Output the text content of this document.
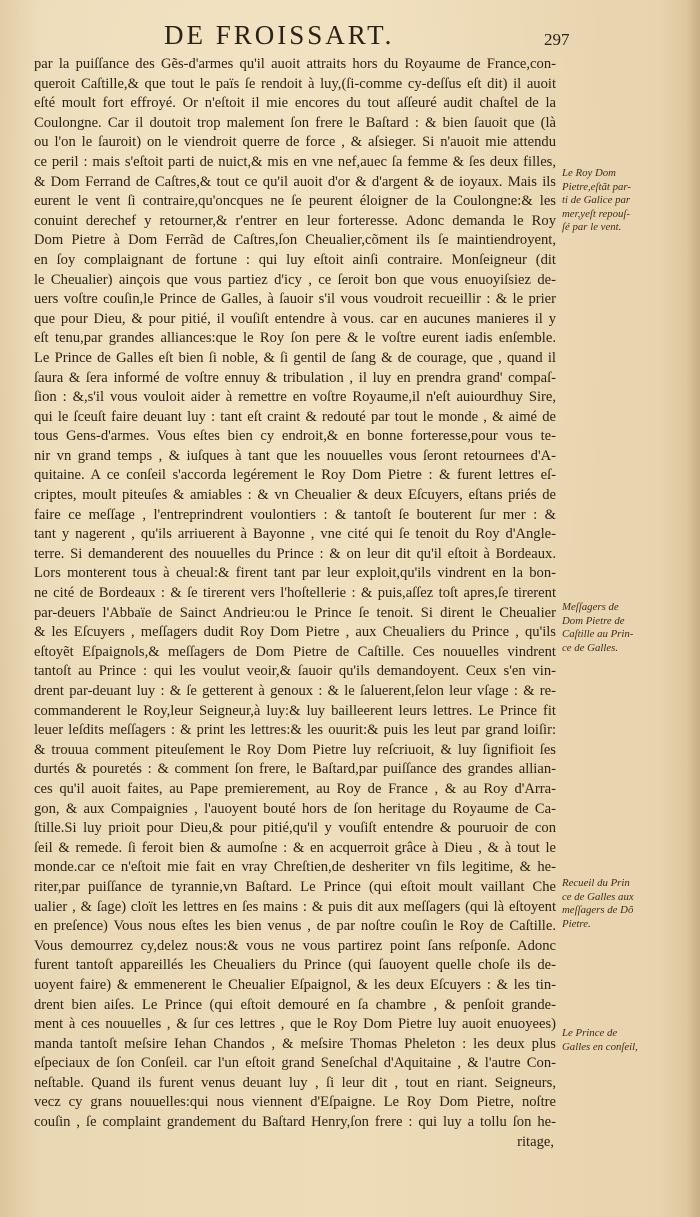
DE FROISSART.	297
par la puiſſance des Gẽs-d'armes qu'il auoit attraits hors du Royaume de France,con-
queroit Caſtille,& que tout le païs ſe rendoit à luy,(ſi-comme cy-deſſus eſt dit) il auoit
eſté moult fort effroyé. Or n'eſtoit il mie encores du tout aſſeuré audit chaſtel de la
Coulongne. Car il doutoit trop malement ſon frere le Baſtard : & bien ſauoit que (là
ou l'on le ſauroit) on le viendroit querre de force , & aſsieger. Si n'auoit mie attendu
ce peril : mais s'eſtoit parti de nuict,& mis en vne nef,auec ſa femme & ſes deux filles,
& Dom Ferrand de Caſtres,& tout ce qu'il auoit d'or & d'argent & de ioyaux. Mais ils
eurent le vent ſi contraire,qu'oncques ne ſe peurent éloigner de la Coulongne:& les
conuint derechef y retourner,& r'entrer en leur forteresse. Adonc demanda le Roy
Dom Pietre à Dom Ferrãd de Caſtres,ſon Cheualier,cõment ils ſe maintiendroyent,
en ſoy complaignant de fortune : qui luy eſtoit ainſi contraire. Monſeigneur (dit
le Cheualier) ainçois que vous partiez d'icy , ce ſeroit bon que vous enuoyiſsiez de-
uers voſtre couſin,le Prince de Galles, à ſauoir s'il vous voudroit recueillir : & le prier
que pour Dieu, & pour pitié, il vouſiſt entendre à vous. car en aucunes manieres il y
eſt tenu,par grandes alliances:que le Roy ſon pere & le voſtre eurent iadis enſemble.
Le Prince de Galles eſt bien ſi noble, & ſi gentil de ſang & de courage, que , quand il
ſaura & ſera informé de voſtre ennuy & tribulation , il luy en prendra grand' compaſ-
ſion : &,s'il vous vouloit aider à remettre en voſtre Royaume,il n'eſt auiourdhuy Sire,
qui le ſceuſt faire deuant luy : tant eſt craint & redouté par tout le monde , & aimé de
tous Gens-d'armes. Vous eſtes bien cy endroit,& en bonne forteresse,pour vous te-
nir vn grand temps , & iuſques à tant que les nouuelles vous ſeront retournees d'A-
quitaine. A ce conſeil s'accorda legérement le Roy Dom Pietre : & furent lettres eſ-
criptes, moult piteuſes & amiables : & vn Cheualier & deux Eſcuyers, eſtans priés de
faire ce meſſage , l'entreprindrent voulontiers : & tantoſt ſe bouterent ſur mer : &
tant y nagerent , qu'ils arriuerent à Bayonne , vne cité qui ſe tenoit du Roy d'Angle-
terre. Si demanderent des nouuelles du Prince : & on leur dit qu'il eſtoit à Bordeaux.
Lors monterent tous à cheual:& firent tant par leur exploit,qu'ils vindrent en la bon-
ne cité de Bordeaux : & ſe tirerent vers l'hoſtellerie : & puis,aſſez toſt apres,ſe tirerent
par-deuers l'Abbaïe de Sainct Andrieu:ou le Prince ſe tenoit. Si dirent le Cheualier
& les Eſcuyers , meſſagers dudit Roy Dom Pietre , aux Cheualiers du Prince , qu'ils
eſtoyẽt Eſpaignols,& meſſagers de Dom Pietre de Caſtille. Ces nouuelles vindrent
tantoſt au Prince : qui les voulut veoir,& ſauoir qu'ils demandoyent. Ceux s'en vin-
drent par-deuant luy : & ſe getterent à genoux : & le ſaluerent,ſelon leur vſage : & re-
commanderent le Roy,leur Seigneur,à luy:& luy bailleerent leurs lettres. Le Prince fit
leuer leſdits meſſagers : & print les lettres:& les ouurit:& puis les leut par grand loiſir:
& trouua comment piteuſement le Roy Dom Pietre luy reſcriuoit, & luy ſignifioit ſes
durtés & pouretés : & comment ſon frere, le Baſtard,par puiſſance des grandes allian-
ces qu'il auoit faites, au Pape premierement, au Roy de France , & au Roy d'Arra-
gon, & aux Compaignies , l'auoyent bouté hors de ſon heritage du Royaume de Ca-
ſtille.Si luy prioit pour Dieu,& pour pitié,qu'il y vouſiſt entendre & pouruoir de con
ſeil & remede. ſi feroit bien & aumoſne : & en acquerroit grâce à Dieu , & à tout le
monde.car ce n'eſtoit mie fait en vray Chreſtien,de desheriter vn fils legitime, & he-
riter,par puiſſance de tyrannie,vn Baſtard. Le Prince (qui eſtoit moult vaillant Che
ualier , & ſage) cloït les lettres en ſes mains : & puis dit aux meſſagers (qui là eſtoyent
en preſence) Vous nous eſtes les bien venus , de par noſtre couſin le Roy de Caſtille.
Vous demourrez cy,delez nous:& vous ne vous partirez point ſans reſponſe. Adonc
furent tantoſt appareillés les Cheualiers du Prince (qui ſauoyent quelle choſe ils de-
uoyent faire) & emmenerent le Cheualier Eſpaignol, & les deux Eſcuyers : & les tin-
drent bien aiſes. Le Prince (qui eſtoit demouré en ſa chambre , & penſoit grande-
ment à ces nouuelles , & ſur ces lettres , que le Roy Dom Pietre luy auoit enuoyees)
manda tantoſt meſsire Iehan Chandos , & meſsire Thomas Pheleton : les deux plus
eſpeciaux de ſon Conſeil. car l'un eſtoit grand Seneſchal d'Aquitaine , & l'autre Con-
neſtable. Quand ils furent venus deuant luy , ſi leur dit , tout en riant. Seigneurs,
vecz cy grans nouuelles:qui nous viennent d'Eſpaigne. Le Roy Dom Pietre, noſtre
couſin , ſe complaint grandement du Baſtard Henry,ſon frere : qui luy a tollu ſon he-
ritage,
Le Roy Dom
Pietre,eſtãt par-
ti de Galice par
mer,yeſt repouſ-
ſé par le vent.
Meſſagers de
Dom Pietre de
Caſtille au Prin-
ce de Galles.
Recueil du Prin
ce de Galles aux
meſſagers de Dõ
Pietre.
Le Prince de
Galles en conſeil,
